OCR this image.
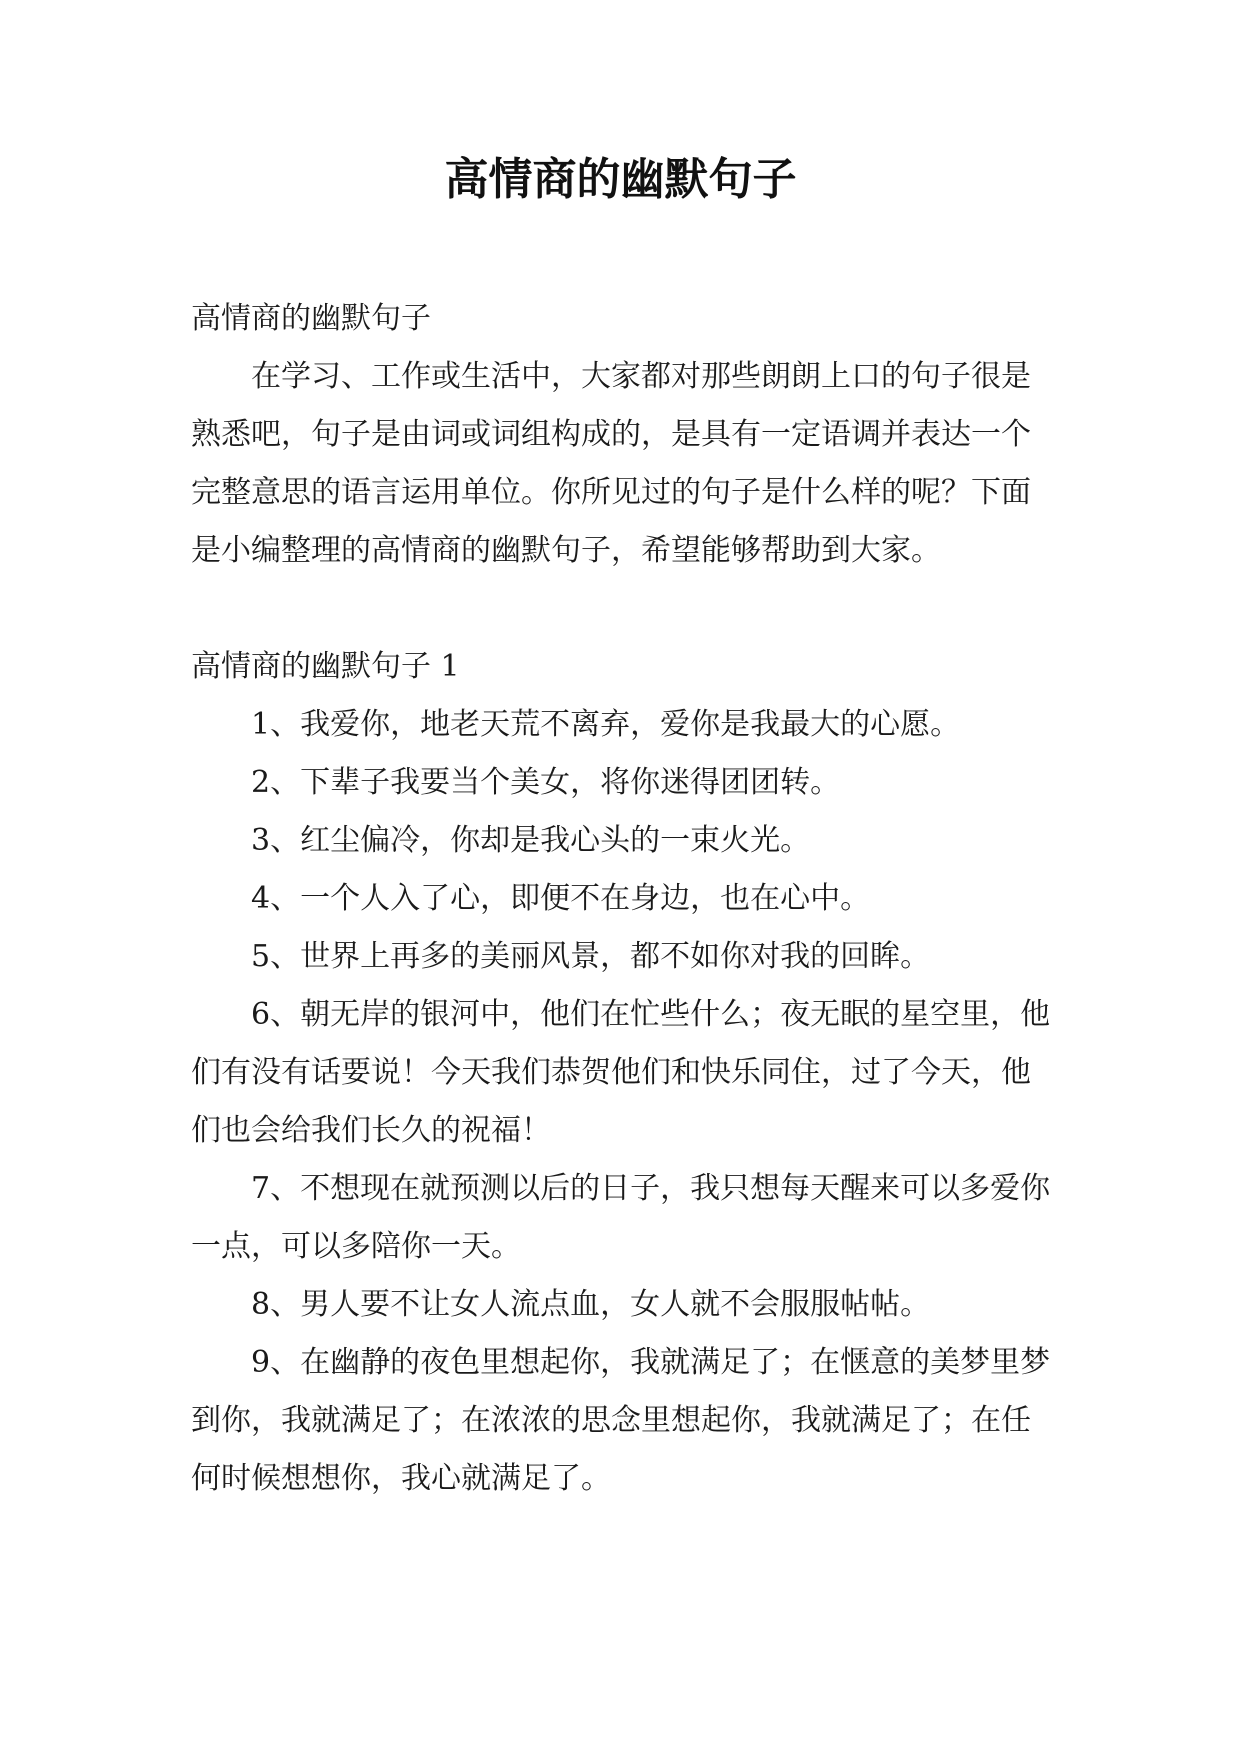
高情商的幽默句子

高情商的幽默句子

在学习、工作或生活中，大家都对那些朗朗上口的句子很是熟悉吧，句子是由词或词组构成的，是具有一定语调并表达一个完整意思的语言运用单位。你所见过的句子是什么样的呢？下面是小编整理的高情商的幽默句子，希望能够帮助到大家。

高情商的幽默句子 1

1、我爱你，地老天荒不离弃，爱你是我最大的心愿。

2、下辈子我要当个美女，将你迷得团团转。

3、红尘偏冷，你却是我心头的一束火光。

4、一个人入了心，即便不在身边，也在心中。

5、世界上再多的美丽风景，都不如你对我的回眸。

6、朝无岸的银河中，他们在忙些什么；夜无眠的星空里，他们有没有话要说！今天我们恭贺他们和快乐同住，过了今天，他们也会给我们长久的祝福！

7、不想现在就预测以后的日子，我只想每天醒来可以多爱你一点，可以多陪你一天。

8、男人要不让女人流点血，女人就不会服服帖帖。

9、在幽静的夜色里想起你，我就满足了；在惬意的美梦里梦到你，我就满足了；在浓浓的思念里想起你，我就满足了；在任何时候想想你，我心就满足了。
